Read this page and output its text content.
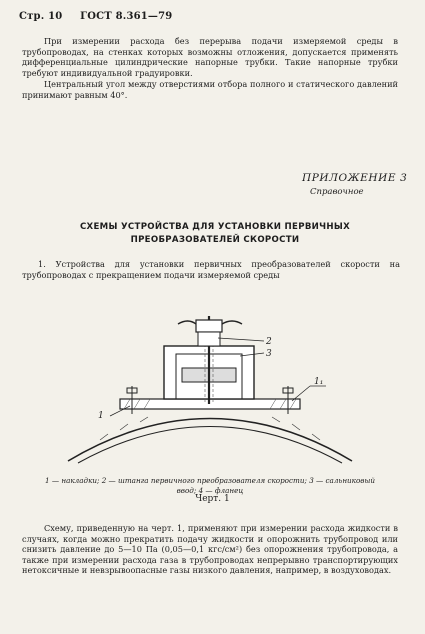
Стр. 10 ГОСТ 8.361—79
При измерении расхода без перерыва подачи измеряемой среды в трубопроводах, на стенках которых возможны отложения, допускается применять дифференциальные цилиндрические напорные трубки. Такие напорные трубки требуют индивидуальной градуировки.
Центральный угол между отверстиями отбора полного и статического давлений принимают равным 40°.
ПРИЛОЖЕНИЕ 3
Справочное
СХЕМЫ УСТРОЙСТВА ДЛЯ УСТАНОВКИ ПЕРВИЧНЫХ ПРЕОБРАЗОВАТЕЛЕЙ СКОРОСТИ
1. Устройства для установки первичных преобразователей скорости на трубопроводах с прекращением подачи измеряемой среды
1
2
3
1₁
1 — накладки; 2 — штанга первичного преобразователя скорости; 3 — сальниковый ввод; 4 — фланец
Черт. 1
Схему, приведенную на черт. 1, применяют при измерении расхода жидкости в случаях, когда можно прекратить подачу жидкости и опорожнить трубопровод или снизить давление до 5—10 Па (0,05—0,1 кгс/см²) без опорожнения трубопровода, а также при измерении расхода газа в трубопроводах непрерывно транспортирующих нетоксичные и невзрывоопасные газы низкого давления, например, в воздуховодах.
